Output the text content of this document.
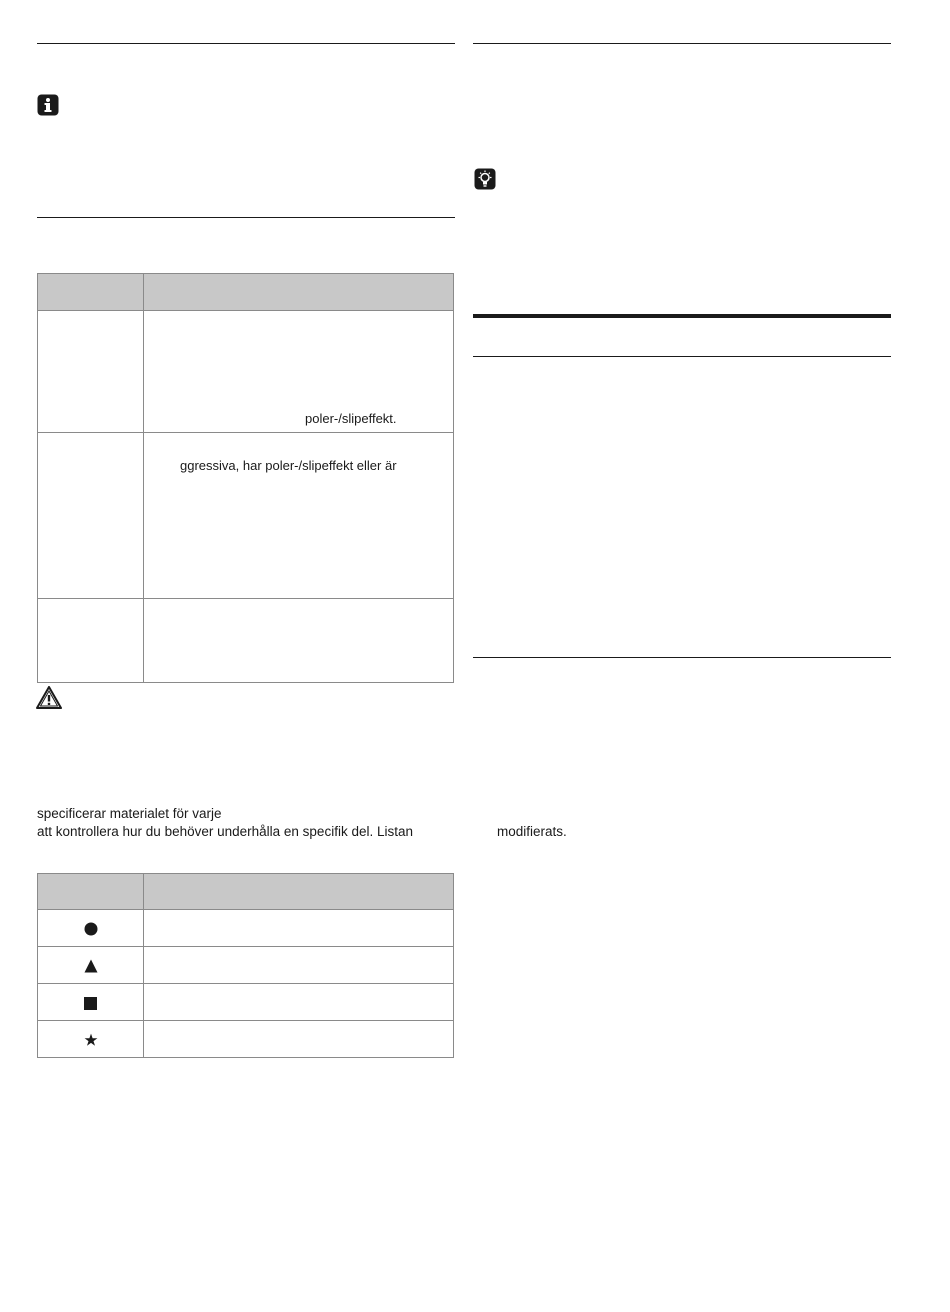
	poler-/slipeffekt.

	ggressiva, har poler-/slipeffekt eller är

specificerar materialet för varje
att kontrollera hur du behöver underhålla en specifik del. Listan

		modifierats.
